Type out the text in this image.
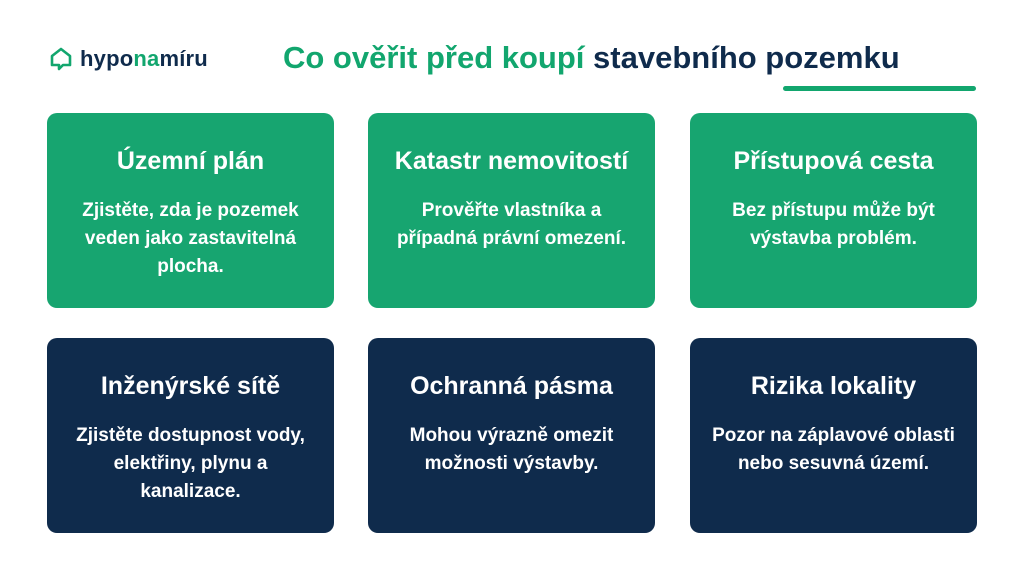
hyponamíru Co ověřit před koupí stavebního pozemku
Územní plán

Zjistěte, zda je pozemek veden jako zastavitelná plocha.

Katastr nemovitostí

Prověřte vlastníka a případná právní omezení.

Přístupová cesta

Bez přístupu může být výstavba problém.

Inženýrské sítě

Zjistěte dostupnost vody, elektřiny, plynu a kanalizace.

Ochranná pásma

Mohou výrazně omezit možnosti výstavby.

Rizika lokality

Pozor na záplavové oblasti nebo sesuvná území.
